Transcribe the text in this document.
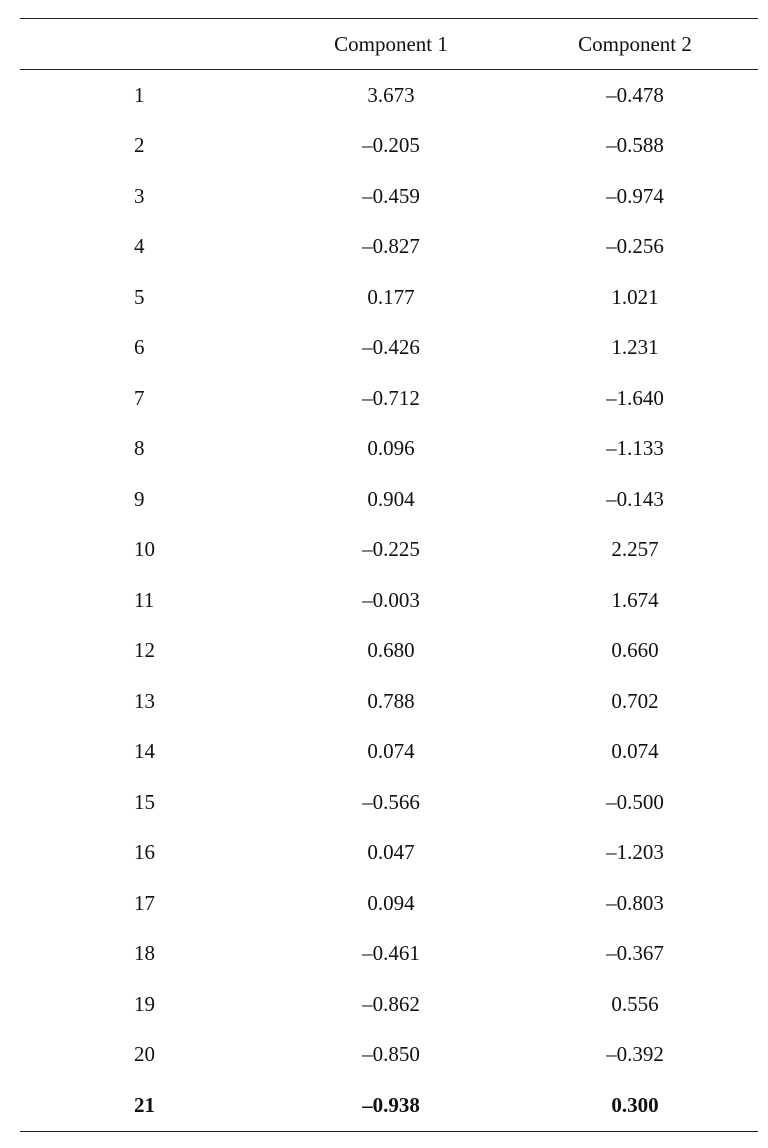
	Component 1	Component 2
1	3.673	–0.478
2	–0.205	–0.588
3	–0.459	–0.974
4	–0.827	–0.256
5	0.177	1.021
6	–0.426	1.231
7	–0.712	–1.640
8	0.096	–1.133
9	0.904	–0.143
10	–0.225	2.257
11	–0.003	1.674
12	0.680	0.660
13	0.788	0.702
14	0.074	0.074
15	–0.566	–0.500
16	0.047	–1.203
17	0.094	–0.803
18	–0.461	–0.367
19	–0.862	0.556
20	–0.850	–0.392
21	–0.938	0.300
